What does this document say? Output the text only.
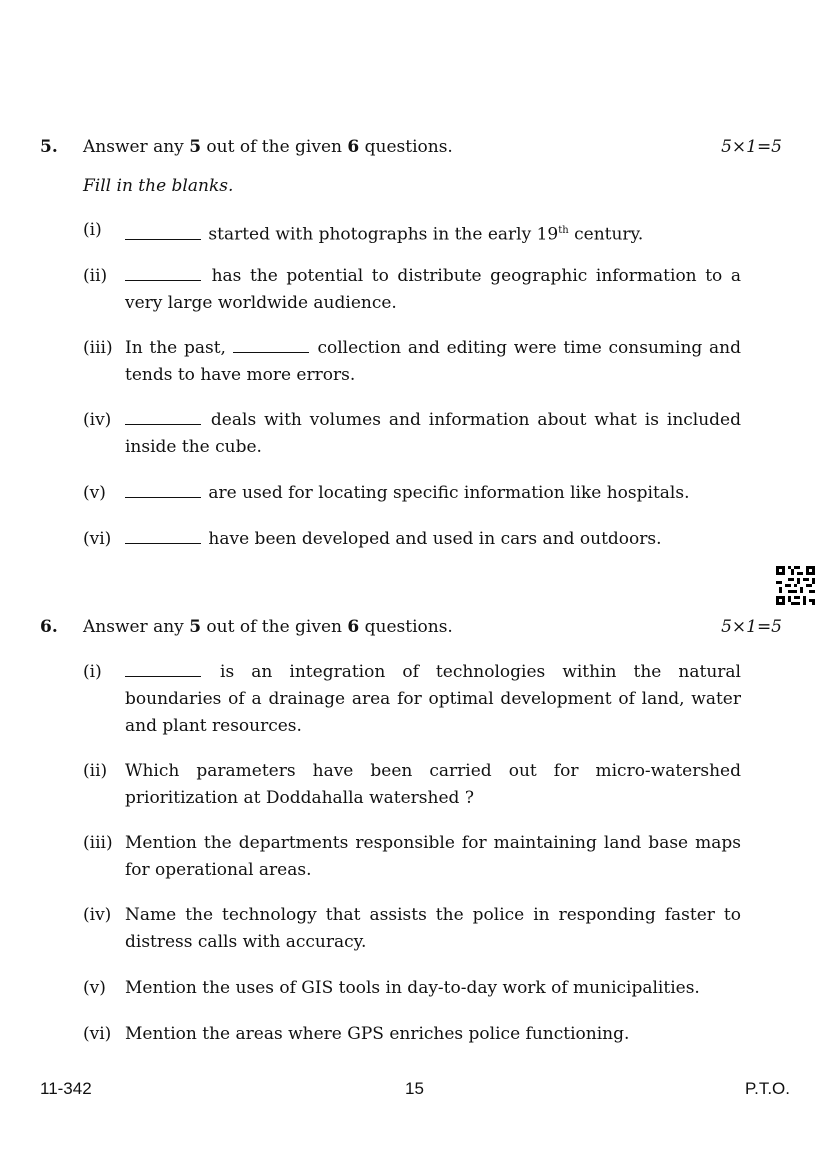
5. Answer any 5 out of the given 6 questions.	5×1=5
Fill in the blanks.
(i)	started with photographs in the early 19th century.
(ii)	has the potential to distribute geographic information to a very large worldwide audience.
(iii) In the past,	collection and editing were time consuming and tends to have more errors.
(iv)	deals with volumes and information about what is included inside the cube.
(v)	are used for locating specific information like hospitals.
(vi)	have been developed and used in cars and outdoors.
6. Answer any 5 out of the given 6 questions.	5×1=5
(i)	is an integration of technologies within the natural boundaries of a drainage area for optimal development of land, water and plant resources.
(ii) Which parameters have been carried out for micro-watershed prioritization at Doddahalla watershed ?
(iii) Mention the departments responsible for maintaining land base maps for operational areas.
(iv) Name the technology that assists the police in responding faster to distress calls with accuracy.
(v) Mention the uses of GIS tools in day-to-day work of municipalities.
(vi) Mention the areas where GPS enriches police functioning.
11-342	15	P.T.O.
